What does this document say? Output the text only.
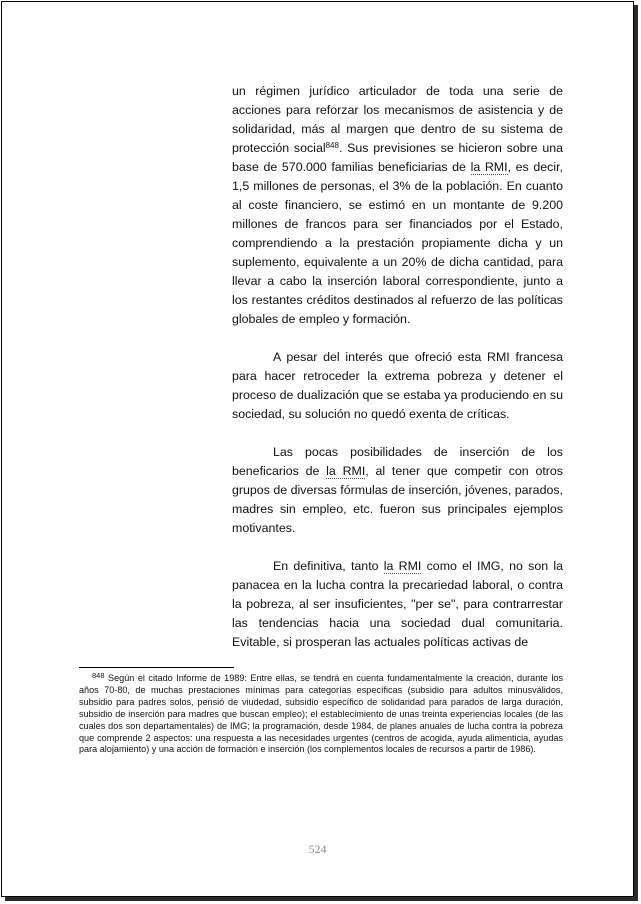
un régimen jurídico articulador de toda una serie de acciones para reforzar los mecanismos de asistencia y de solidaridad, más al margen que dentro de su sistema de protección social$^{848}$. Sus previsiones se hicieron sobre una base de 570.000 familias beneficiarias de la RMI, es decir, 1,5 millones de personas, el 3% de la población. En cuanto al coste financiero, se estimó en un montante de 9.200 millones de francos para ser financiados por el Estado, comprendiendo a la prestación propiamente dicha y un suplemento, equivalente a un 20% de dicha cantidad, para llevar a cabo la inserción laboral correspondiente, junto a los restantes créditos destinados al refuerzo de las políticas globales de empleo y formación.

A pesar del interés que ofreció esta RMI francesa para hacer retroceder la extrema pobreza y detener el proceso de dualización que se estaba ya produciendo en su sociedad, su solución no quedó exenta de críticas.

Las pocas posibilidades de inserción de los beneficarios de la RMI, al tener que competir con otros grupos de diversas fórmulas de inserción, jóvenes, parados, madres sin empleo, etc. fueron sus principales ejemplos motivantes.

En definitiva, tanto la RMI como el IMG, no son la panacea en la lucha contra la precariedad laboral, o contra la pobreza, al ser insuficientes, "per se", para contrarrestar las tendencias hacia una sociedad dual comunitaria. Evitable, si prosperan las actuales políticas activas de

$^{848}$ Según el citado Informe de 1989: Entre ellas, se tendrá en cuenta fundamentalmente la creación, durante los años 70-80, de muchas prestaciones mínimas para categorías específicas (subsidio para adultos minusválidos, subsidio para padres solos, pensió de viudedad, subsidio específico de solidaridad para parados de larga duración, subsidio de inserción para madres que buscan empleo); el establecimiento de unas treinta experiencias locales (de las cuales dos son departamentales) de IMG; la programación, desde 1984, de planes anuales de lucha contra la pobreza que comprende 2 aspectos: una respuesta a las necesidades urgentes (centros de acogida, ayuda alimenticia, ayudas para alojamiento) y una acción de formación e inserción (los complementos locales de recursos a partir de 1986).

524
